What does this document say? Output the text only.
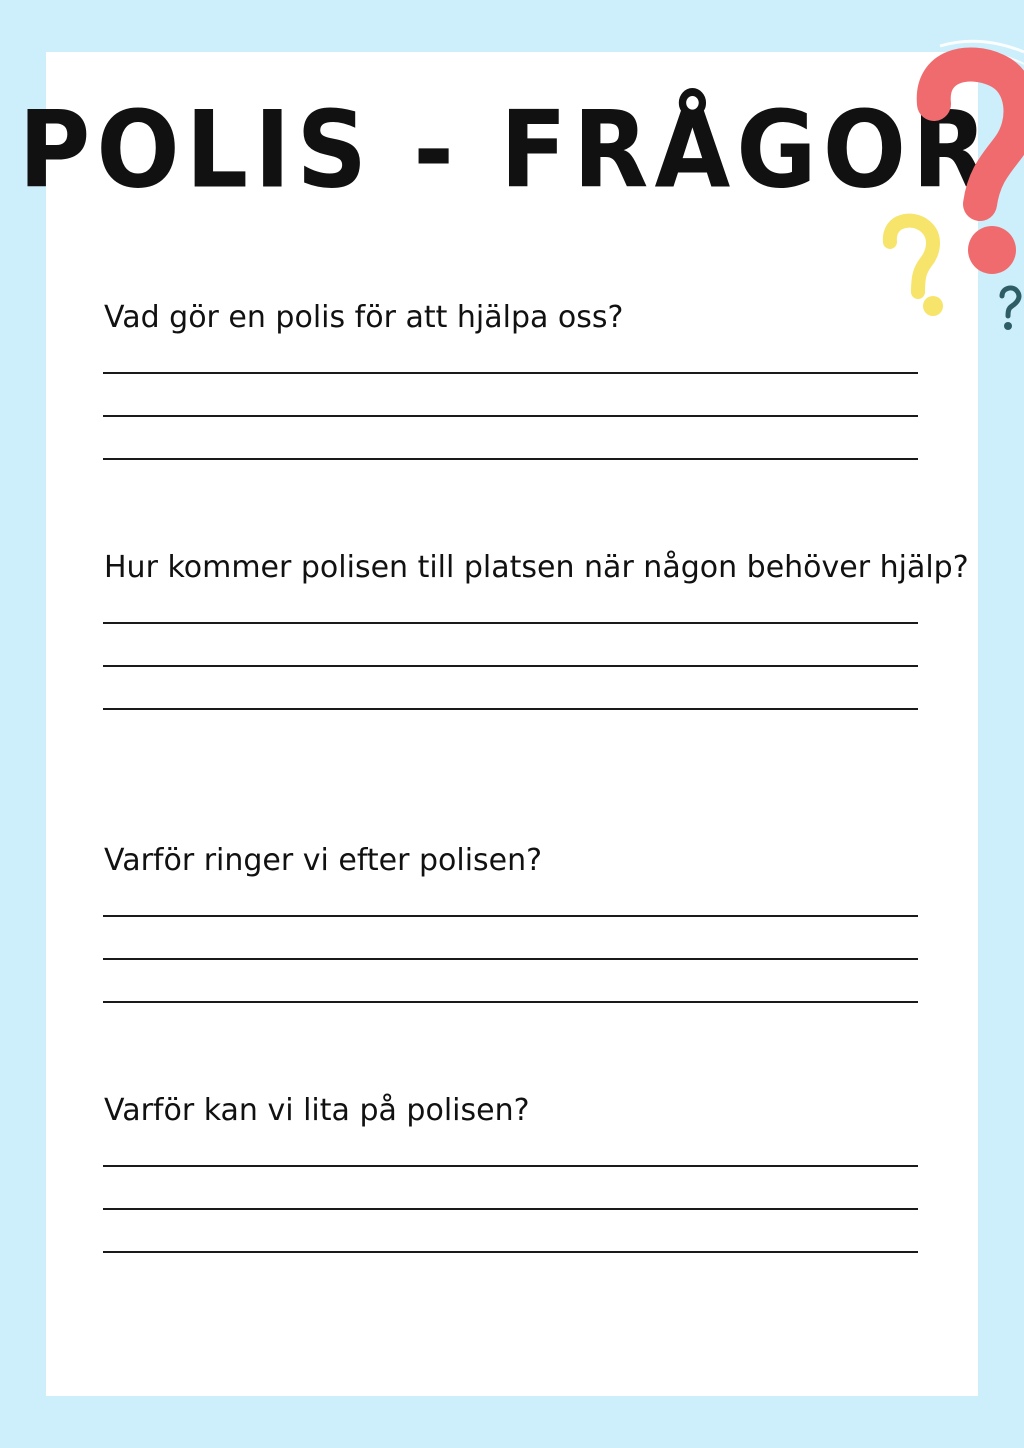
POLIS - FRÅGOR

Vad gör en polis för att hjälpa oss?

Hur kommer polisen till platsen när någon behöver hjälp?

Varför ringer vi efter polisen?

Varför kan vi lita på polisen?
